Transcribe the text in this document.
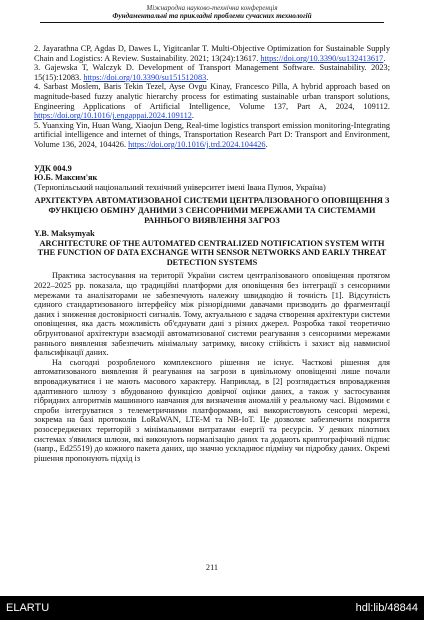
Міжнародна науково-технічна конференція
Фундаментальні та прикладні проблеми сучасних технологій

2. Jayarathna CP, Agdas D, Dawes L, Yigitcanlar T. Multi-Objective Optimization for Sustainable Supply Chain and Logistics: A Review. Sustainability. 2021; 13(24):13617. https://doi.org/10.3390/su132413617.

3. Gajewska T, Walczyk D. Development of Transport Management Software. Sustainability. 2023; 15(15):12083. https://doi.org/10.3390/su151512083.

4. Sarbast Moslem, Baris Tekin Tezel, Ayse Ovgu Kinay, Francesco Pilla, A hybrid approach based on magnitude-based fuzzy analytic hierarchy process for estimating sustainable urban transport solutions, Engineering Applications of Artificial Intelligence, Volume 137, Part A, 2024, 109112. https://doi.org/10.1016/j.engappai.2024.109112.

5. Yuanxing Yin, Huan Wang, Xiaojun Deng, Real-time logistics transport emission monitoring-Integrating artificial intelligence and internet of things, Transportation Research Part D: Transport and Environment, Volume 136, 2024, 104426. https://doi.org/10.1016/j.trd.2024.104426.

УДК 004.9

Ю.Б. Максим'як

(Тернопільський національний технічний університет імені Івана Пулюя, Україна)

АРХІТЕКТУРА АВТОМАТИЗОВАНОЇ СИСТЕМИ ЦЕНТРАЛІЗОВАНОГО ОПОВІЩЕННЯ З ФУНКЦІЄЮ ОБМІНУ ДАНИМИ З СЕНСОРНИМИ МЕРЕЖАМИ ТА СИСТЕМАМИ РАННЬОГО ВИЯВЛЕННЯ ЗАГРОЗ

Y.B. Maksymyak

ARCHITECTURE OF THE AUTOMATED CENTRALIZED NOTIFICATION SYSTEM WITH THE FUNCTION OF DATA EXCHANGE WITH SENSOR NETWORKS AND EARLY THREAT DETECTION SYSTEMS

Практика застосування на території України систем централізованого оповіщення протягом 2022–2025 рр. показала, що традиційні платформи для оповіщення без інтеграції з сенсорними мережами та аналізаторами не забезпечують належну швидкодію й точність [1]. Відсутність єдиного стандартизованого інтерфейсу між різнорідними давачами призводить до фрагментації даних і зниження достовірності сигналів. Тому, актуальною є задача створення архітектури системи оповіщення, яка дасть можливість об'єднувати дані з різних джерел. Розробка такої теоретично обґрунтованої архітектури взаємодії автоматизованої системи реагування з сенсорними мережами раннього виявлення забезпечить мінімальну затримку, високу стійкість і захист від навмисної фальсифікації даних.

На сьогодні розробленого комплексного рішення не існує. Часткові рішення для автоматизованого виявлення й реагування на загрози в цивільному оповіщенні лише почали впроваджуватися і не мають масового характеру. Наприклад, в [2] розглядається впровадження адаптивного шлюзу з вбудованою функцією довірчої оцінки даних, а також у застосування гібридних алгоритмів машинного навчання для визначення аномалій у реальному часі. Відомими є спроби інтегруватися з телеметричними платформами, які використовують сенсорні мережі, зокрема на базі протоколів LoRaWAN, LTE-M та NB-IoT. Це дозволяє забезпечити покриття розосереджених територій з мінімальними витратами енергії та ресурсів. У деяких пілотних системах з'явилися шлюзи, які виконують нормалізацію даних та додають криптографічний підпис (напр., Ed25519) до кожного пакета даних, що значно ускладнює підміну чи підробку даних. Окремі рішення пропонують підхід із

211
ELARTU	hdl:lib/48844
